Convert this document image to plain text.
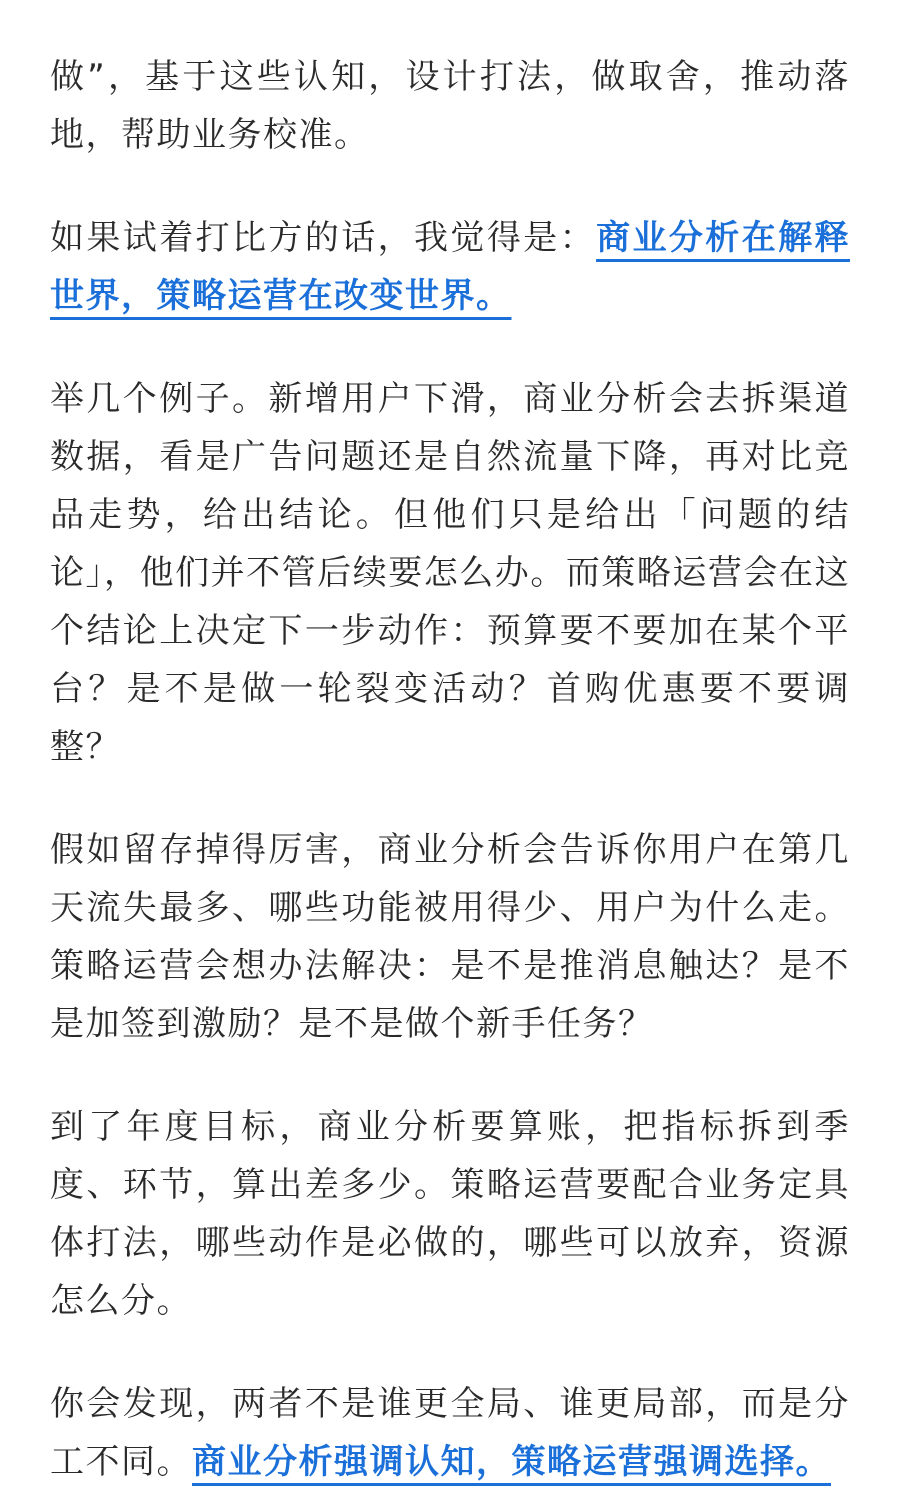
做”，基于这些认知，设计打法，做取舍，推动落地，帮助业务校准。

如果试着打比方的话，我觉得是：商业分析在解释世界，策略运营在改变世界。

举几个例子。新增用户下滑，商业分析会去拆渠道数据，看是广告问题还是自然流量下降，再对比竞品走势，给出结论。但他们只是给出「问题的结论」，他们并不管后续要怎么办。而策略运营会在这个结论上决定下一步动作：预算要不要加在某个平台？是不是做一轮裂变活动？首购优惠要不要调整？

假如留存掉得厉害，商业分析会告诉你用户在第几天流失最多、哪些功能被用得少、用户为什么走。策略运营会想办法解决：是不是推消息触达？是不是加签到激励？是不是做个新手任务？

到了年度目标，商业分析要算账，把指标拆到季度、环节，算出差多少。策略运营要配合业务定具体打法，哪些动作是必做的，哪些可以放弃，资源怎么分。

你会发现，两者不是谁更全局、谁更局部，而是分工不同。商业分析强调认知，策略运营强调选择。
